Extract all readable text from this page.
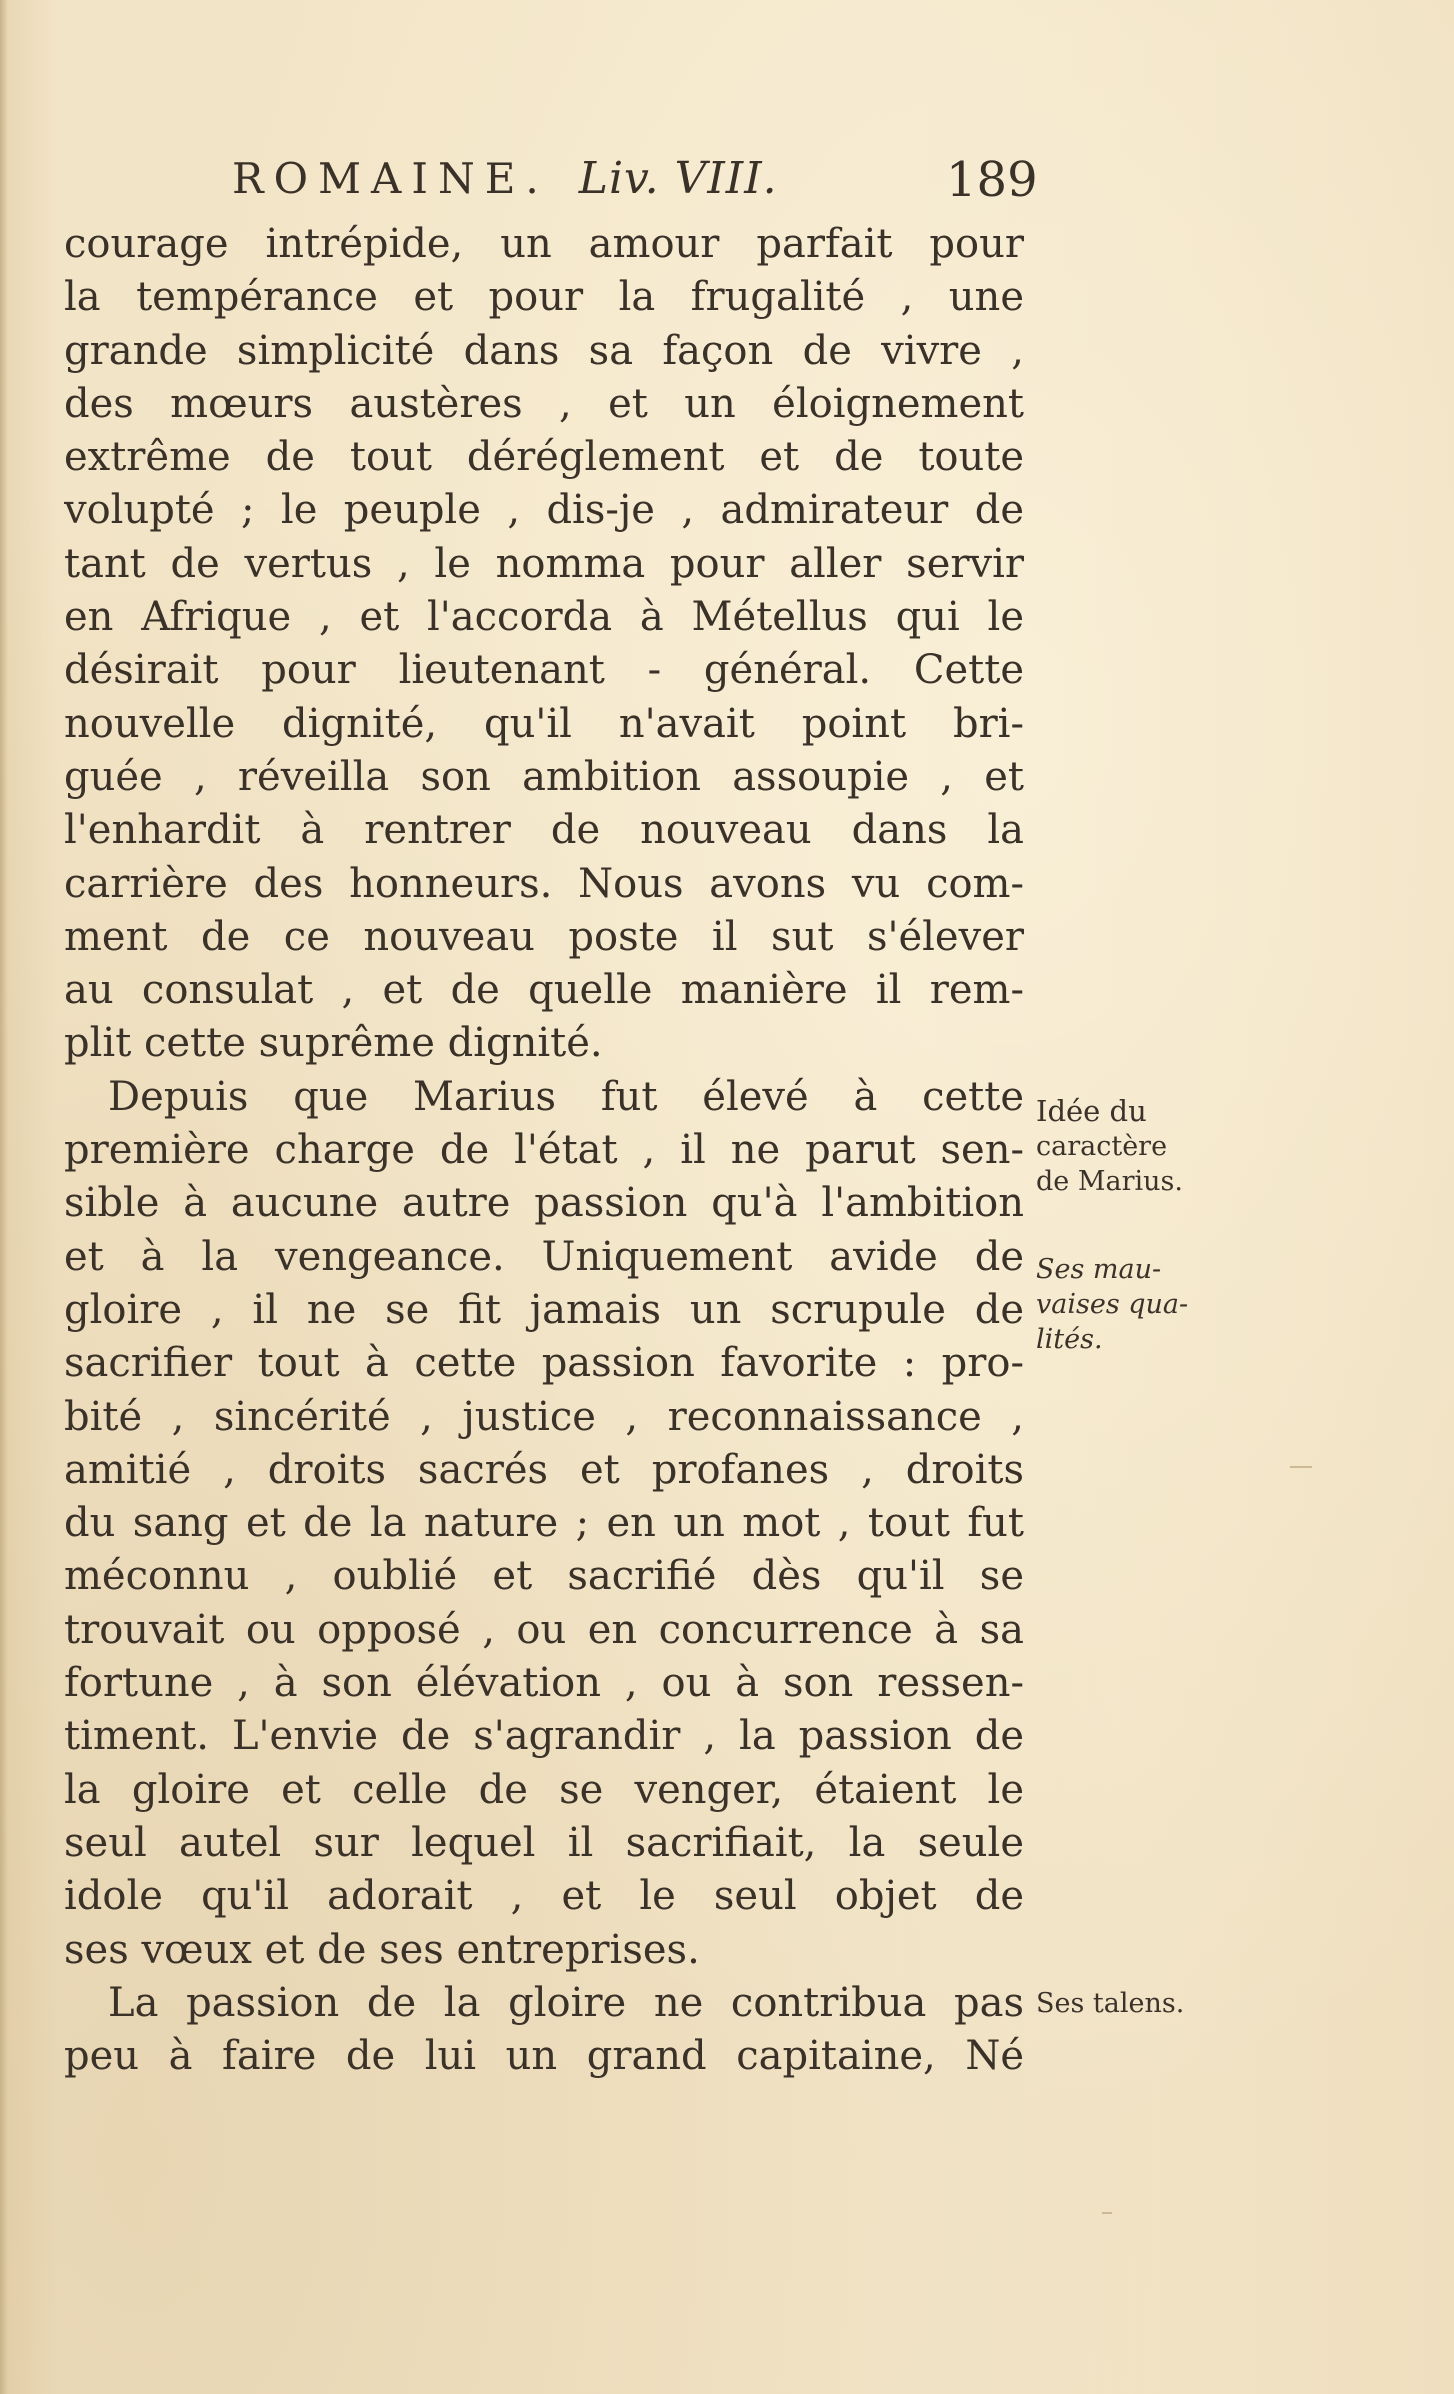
ROMAINE. Liv. VIII.	189
courage intrépide, un amour parfait pour
la tempérance et pour la frugalité , une
grande simplicité dans sa façon de vivre ,
des mœurs austères , et un éloignement
extrême de tout déréglement et de toute
volupté ; le peuple , dis-je , admirateur de
tant de vertus , le nomma pour aller servir
en Afrique , et l'accorda à Métellus qui le
désirait pour lieutenant - général. Cette
nouvelle dignité, qu'il n'avait point bri-
guée , réveilla son ambition assoupie , et
l'enhardit à rentrer de nouveau dans la
carrière des honneurs. Nous avons vu com-
ment de ce nouveau poste il sut s'élever
au consulat , et de quelle manière il rem-
plit cette suprême dignité.
Depuis que Marius fut élevé à cette
première charge de l'état , il ne parut sen-
sible à aucune autre passion qu'à l'ambition
et à la vengeance. Uniquement avide de
gloire , il ne se fit jamais un scrupule de
sacrifier tout à cette passion favorite : pro-
bité , sincérité , justice , reconnaissance ,
amitié , droits sacrés et profanes , droits
du sang et de la nature ; en un mot , tout fut
méconnu , oublié et sacrifié dès qu'il se
trouvait ou opposé , ou en concurrence à sa
fortune , à son élévation , ou à son ressen-
timent. L'envie de s'agrandir , la passion de
la gloire et celle de se venger, étaient le
seul autel sur lequel il sacrifiait, la seule
idole qu'il adorait , et le seul objet de
ses vœux et de ses entreprises.
La passion de la gloire ne contribua pas
peu à faire de lui un grand capitaine, Né
Idée du
caractère
de Marius.
Ses mau-
vaises qua-
lités.
Ses talens.
